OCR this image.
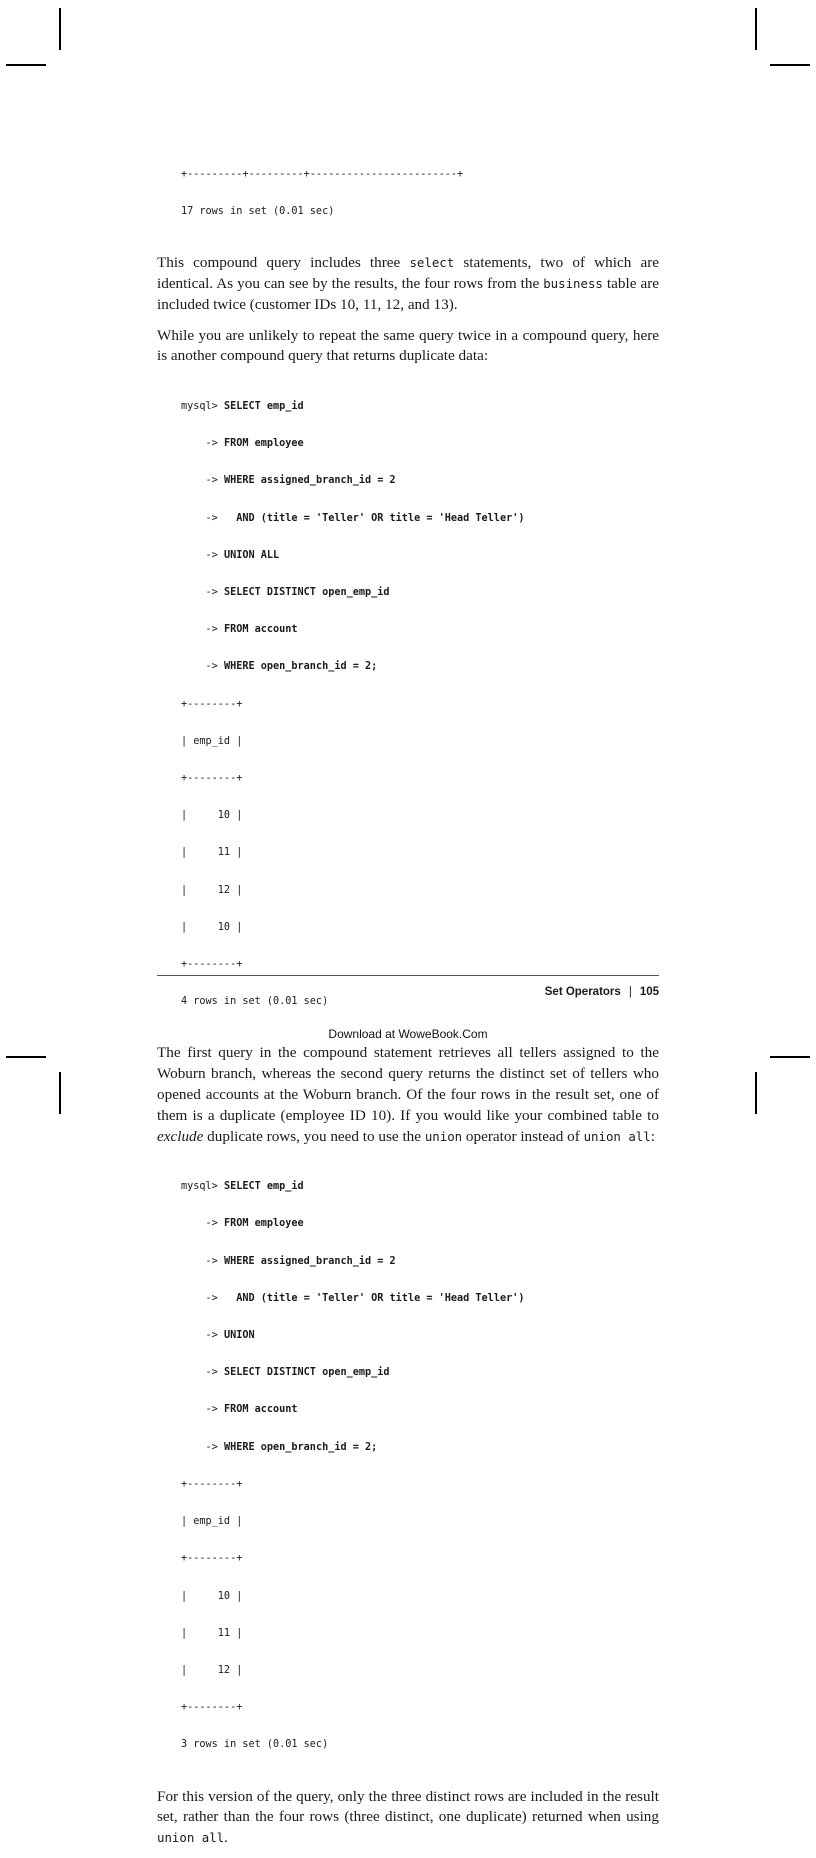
+---------+---------+------------------------+

17 rows in set (0.01 sec)

This compound query includes three select statements, two of which are identical. As you can see by the results, the four rows from the business table are included twice (customer IDs 10, 11, 12, and 13).

While you are unlikely to repeat the same query twice in a compound query, here is another compound query that returns duplicate data:

mysql> SELECT emp_id

-> FROM employee

-> WHERE assigned_branch_id = 2

->   AND (title = 'Teller' OR title = 'Head Teller')

-> UNION ALL

-> SELECT DISTINCT open_emp_id

-> FROM account

-> WHERE open_branch_id = 2;

+--------+

| emp_id |

+--------+

|     10 |

|     11 |

|     12 |

|     10 |

+--------+

4 rows in set (0.01 sec)

The first query in the compound statement retrieves all tellers assigned to the Woburn branch, whereas the second query returns the distinct set of tellers who opened accounts at the Woburn branch. Of the four rows in the result set, one of them is a duplicate (employee ID 10). If you would like your combined table to exclude duplicate rows, you need to use the union operator instead of union all:

mysql> SELECT emp_id

-> FROM employee

-> WHERE assigned_branch_id = 2

->   AND (title = 'Teller' OR title = 'Head Teller')

-> UNION

-> SELECT DISTINCT open_emp_id

-> FROM account

-> WHERE open_branch_id = 2;

+--------+

| emp_id |

+--------+

|     10 |

|     11 |

|     12 |

+--------+

3 rows in set (0.01 sec)

For this version of the query, only the three distinct rows are included in the result set, rather than the four rows (three distinct, one duplicate) returned when using union all.

Set Operators | 105
Download at WoweBook.Com
